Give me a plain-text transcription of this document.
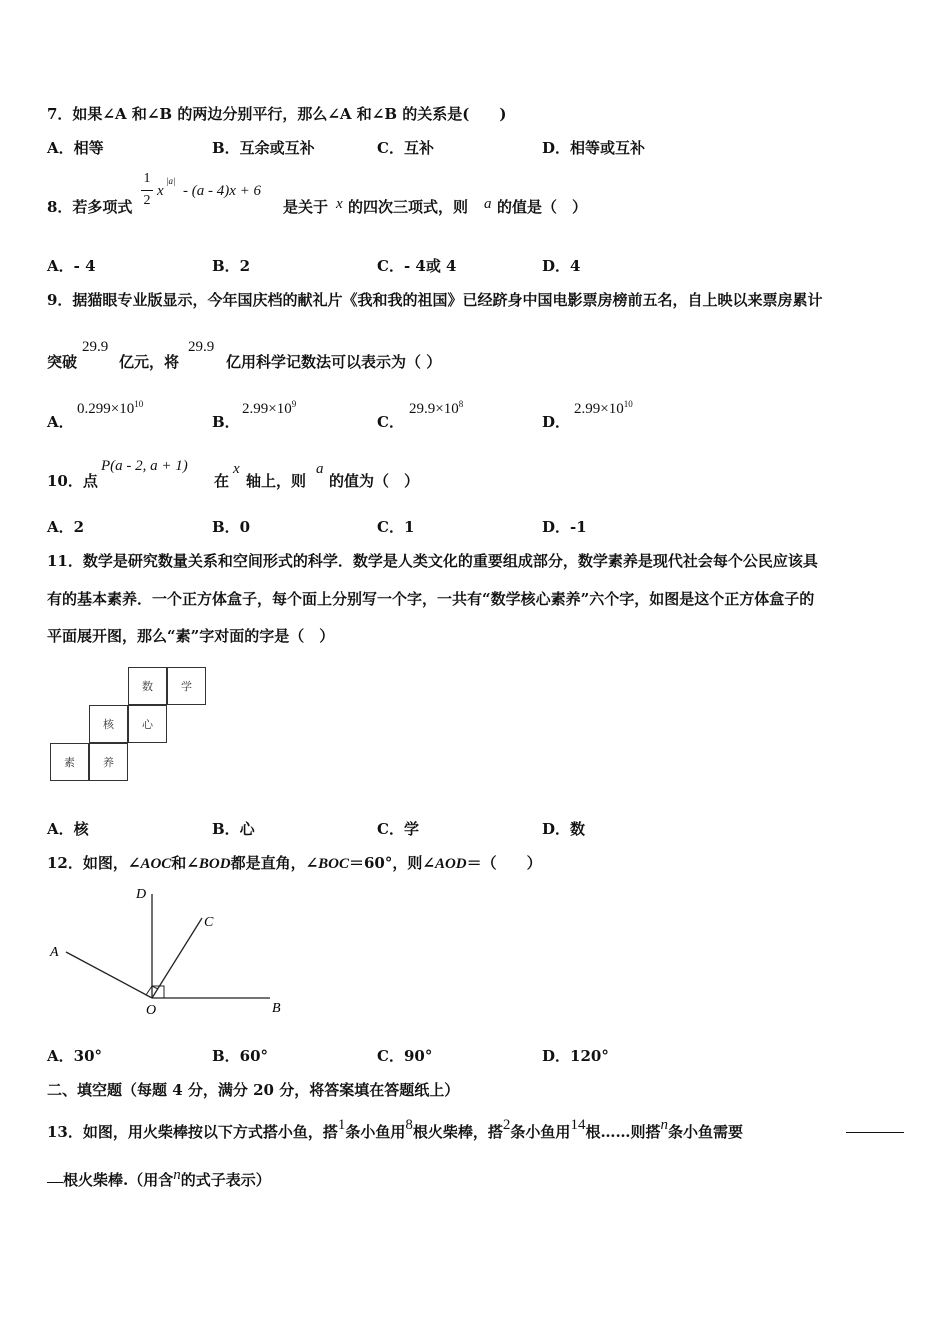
7．如果∠A 和∠B 的两边分别平行，那么∠A 和∠B 的关系是(　　)
A．相等	B．互余或互补	C．互补	D．相等或互补
8．若多项式
1
2
x
|a|
- (a - 4)x + 6
是关于 x 的四次三项式，则 a 的值是（　）
A．- 4	B．2	C．- 4或 4	D．4
9．据猫眼专业版显示，今年国庆档的献礼片《我和我的祖国》已经跻身中国电影票房榜前五名，自上映以来票房累计
突破
29.9
亿元，将
29.9
亿用科学记数法可以表示为（ ）
A．
$0.299\times 10^{10}$
B．
$2.99\times 10^9$
C．
$29.9\times 10^8$
D．
$2.99\times 10^{10}$
10．点
P(a - 2, a + 1)
在
x
轴上，则
a
的值为（　）
A．2	B．0	C．1	D．-1
11．数学是研究数量关系和空间形式的科学．数学是人类文化的重要组成部分，数学素养是现代社会每个公民应该具
有的基本素养．一个正方体盒子，每个面上分别写一个字，一共有“数学核心素养”六个字，如图是这个正方体盒子的
平面展开图，那么“素”字对面的字是（　）
数	学
核	心
素	养
A．核	B．心	C．学	D．数
12．如图，∠AOC和∠BOD都是直角，∠BOC＝60°，则∠AOD＝（　　）
D
C
A
O	B
A．30°	B．60°	C．90°	D．120°
二、填空题（每题 4 分，满分 20 分，将答案填在答题纸上）
13．如图，用火柴棒按以下方式搭小鱼，搭1条小鱼用8根火柴棒，搭2条小鱼用14根……则搭n条小鱼需要
根火柴棒.（用含n的式子表示）
